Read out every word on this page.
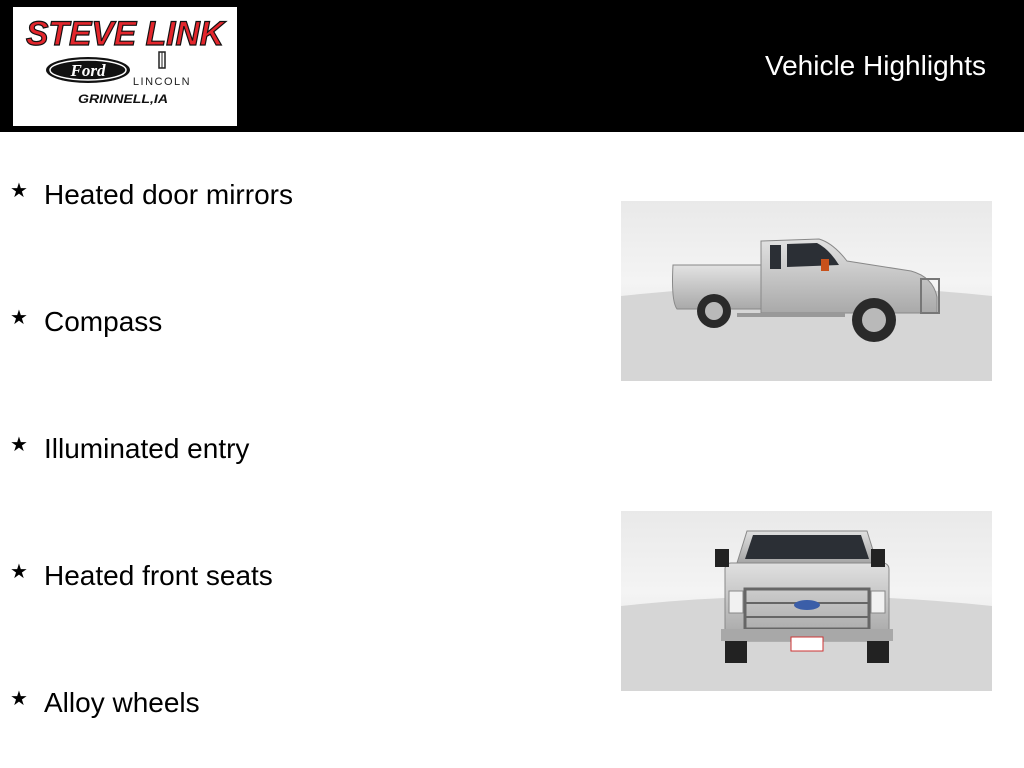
STEVE LINK
Ford
LINCOLN
GRINNELL,IA
Vehicle Highlights
★ Heated door mirrors
★ Compass
★ Illuminated entry
★ Heated front seats
★ Alloy wheels
